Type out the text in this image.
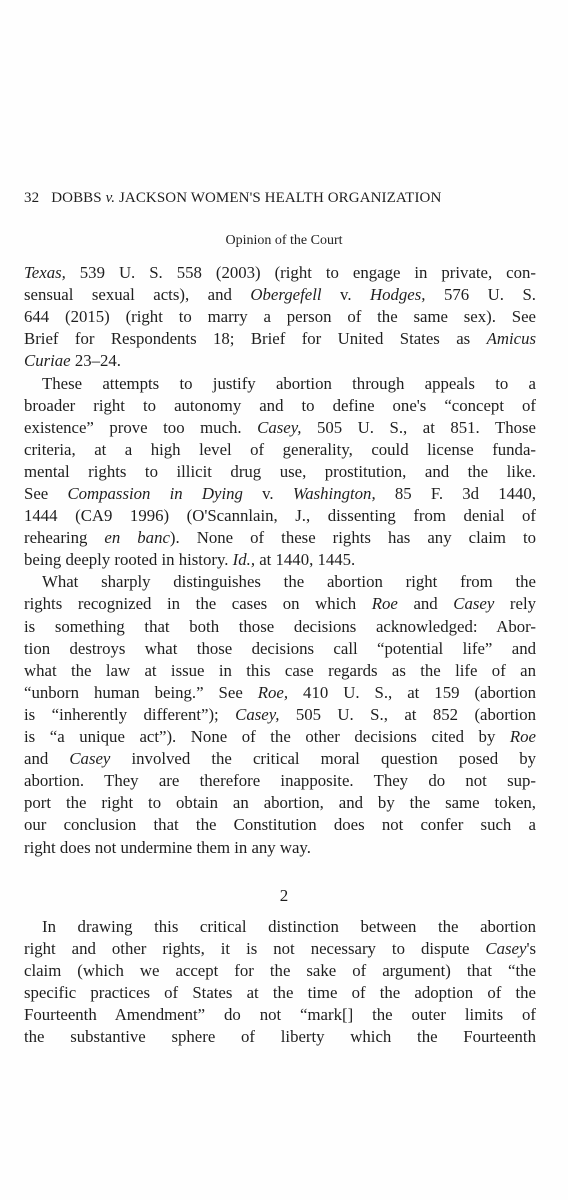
32 DOBBS v. JACKSON WOMEN'S HEALTH ORGANIZATION
Opinion of the Court
Texas, 539 U. S. 558 (2003) (right to engage in private, con-
sensual sexual acts), and Obergefell v. Hodges, 576 U. S.
644 (2015) (right to marry a person of the same sex). See
Brief for Respondents 18; Brief for United States as Amicus
Curiae 23–24.
These attempts to justify abortion through appeals to a
broader right to autonomy and to define one's “concept of
existence” prove too much. Casey, 505 U. S., at 851. Those
criteria, at a high level of generality, could license funda-
mental rights to illicit drug use, prostitution, and the like.
See Compassion in Dying v. Washington, 85 F. 3d 1440,
1444 (CA9 1996) (O'Scannlain, J., dissenting from denial of
rehearing en banc). None of these rights has any claim to
being deeply rooted in history. Id., at 1440, 1445.
What sharply distinguishes the abortion right from the
rights recognized in the cases on which Roe and Casey rely
is something that both those decisions acknowledged: Abor-
tion destroys what those decisions call “potential life” and
what the law at issue in this case regards as the life of an
“unborn human being.” See Roe, 410 U. S., at 159 (abortion
is “inherently different”); Casey, 505 U. S., at 852 (abortion
is “a unique act”). None of the other decisions cited by Roe
and Casey involved the critical moral question posed by
abortion. They are therefore inapposite. They do not sup-
port the right to obtain an abortion, and by the same token,
our conclusion that the Constitution does not confer such a
right does not undermine them in any way.
2
In drawing this critical distinction between the abortion
right and other rights, it is not necessary to dispute Casey's
claim (which we accept for the sake of argument) that “the
specific practices of States at the time of the adoption of the
Fourteenth Amendment” do not “mark[] the outer limits of
the substantive sphere of liberty which the Fourteenth
